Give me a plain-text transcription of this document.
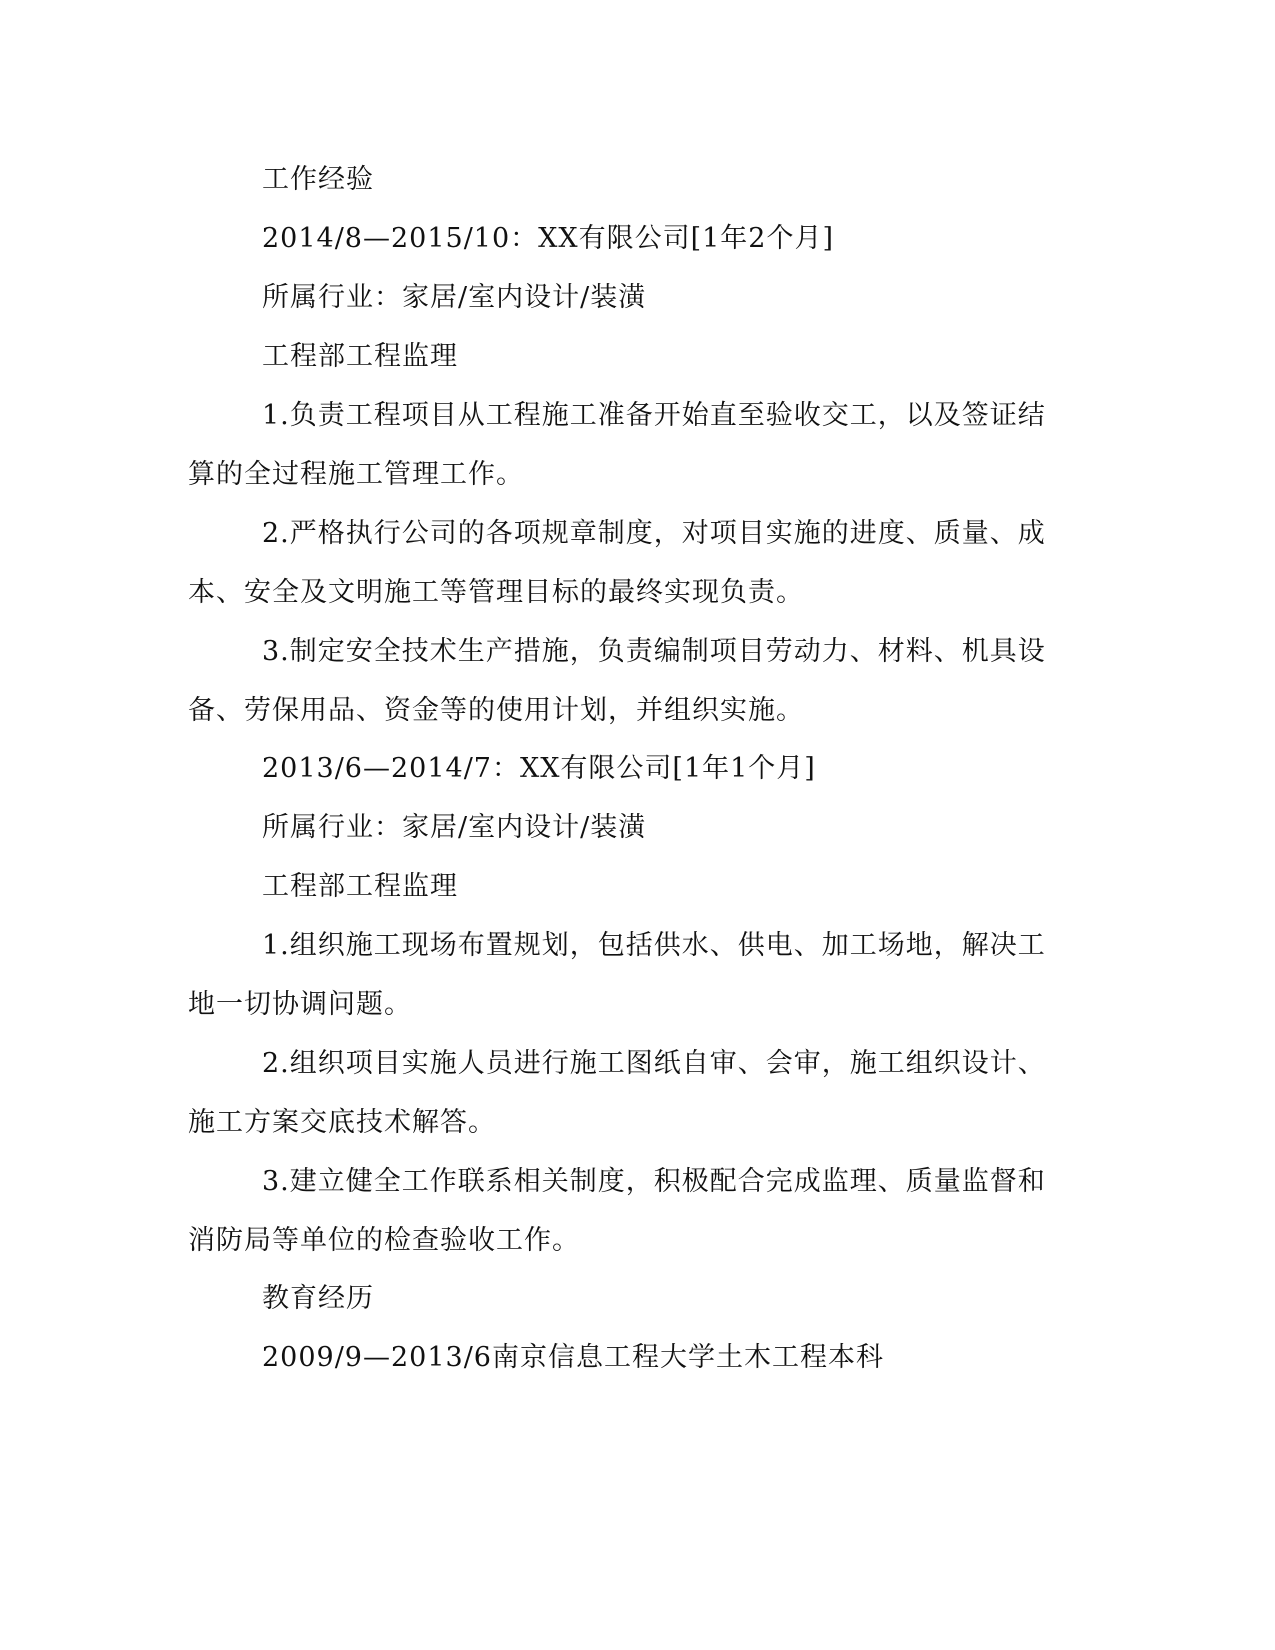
工作经验
2014/8—2015/10：XX有限公司[1年2个月]
所属行业：家居/室内设计/装潢
工程部工程监理
1.负责工程项目从工程施工准备开始直至验收交工，以及签证结
算的全过程施工管理工作。
2.严格执行公司的各项规章制度，对项目实施的进度、质量、成
本、安全及文明施工等管理目标的最终实现负责。
3.制定安全技术生产措施，负责编制项目劳动力、材料、机具设
备、劳保用品、资金等的使用计划，并组织实施。
2013/6—2014/7：XX有限公司[1年1个月]
所属行业：家居/室内设计/装潢
工程部工程监理
1.组织施工现场布置规划，包括供水、供电、加工场地，解决工
地一切协调问题。
2.组织项目实施人员进行施工图纸自审、会审，施工组织设计、
施工方案交底技术解答。
3.建立健全工作联系相关制度，积极配合完成监理、质量监督和
消防局等单位的检查验收工作。
教育经历
2009/9—2013/6南京信息工程大学土木工程本科
